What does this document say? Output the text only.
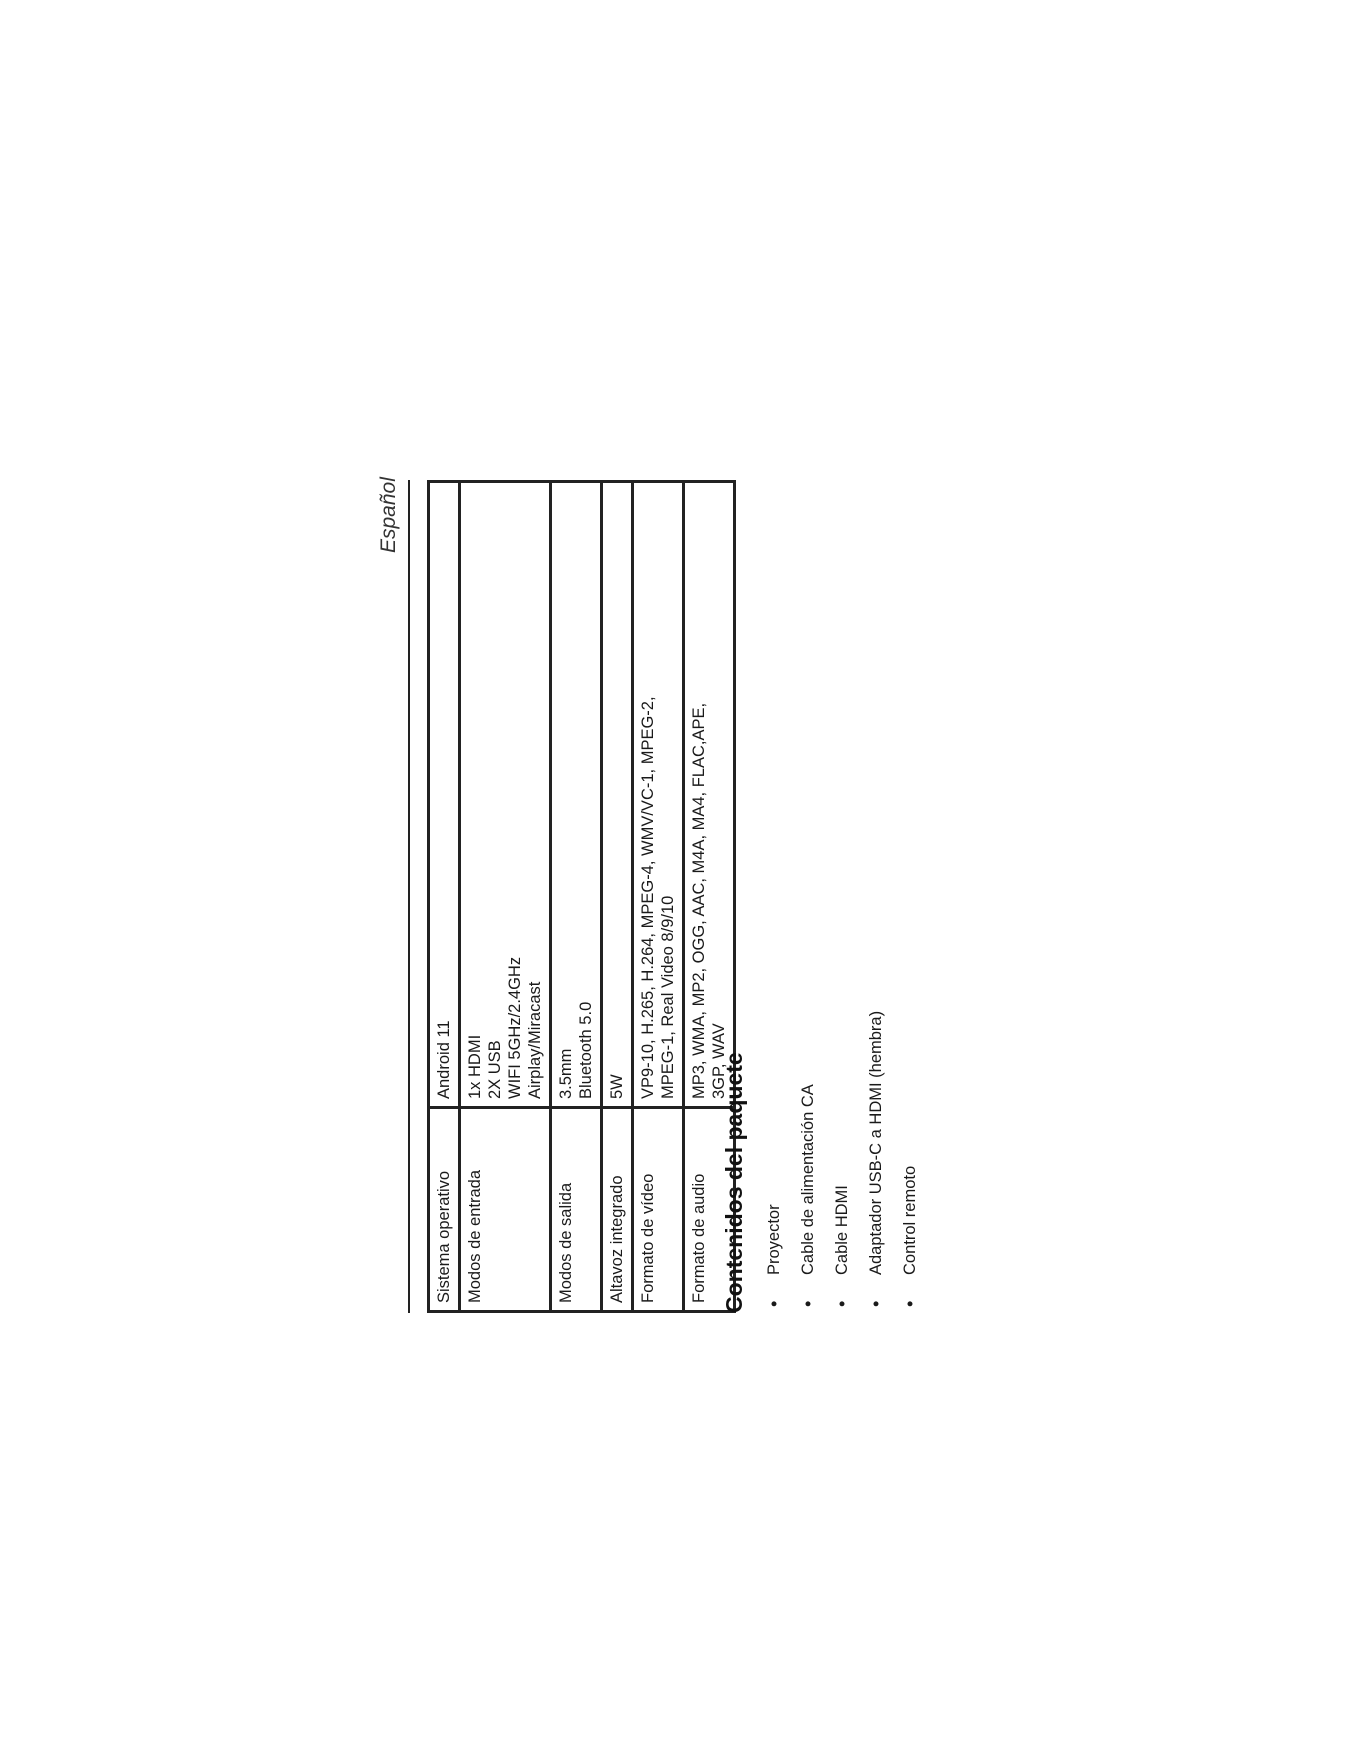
Español
Sistema operativo	Android 11

Modos de entrada	1x HDMI 2X USB WIFI 5GHz/2.4GHz Airplay/Miracast

Modos de salida	3.5mm Bluetooth 5.0

Altavoz integrado	5W

Formato de vídeo	VP9-10, H.265, H.264, MPEG-4, WMV/VC-1, MPEG-2, MPEG-1, Real Video 8/9/10

Formato de audio	MP3, WMA, MP2, OGG, AAC, M4A, MA4, FLAC,APE, 3GP, WAV
Contenidos del paquete •
Proyector
•
Cable de alimentación CA
•
Cable HDMI
•
Adaptador USB-C a HDMI (hembra)
•
Control remoto
